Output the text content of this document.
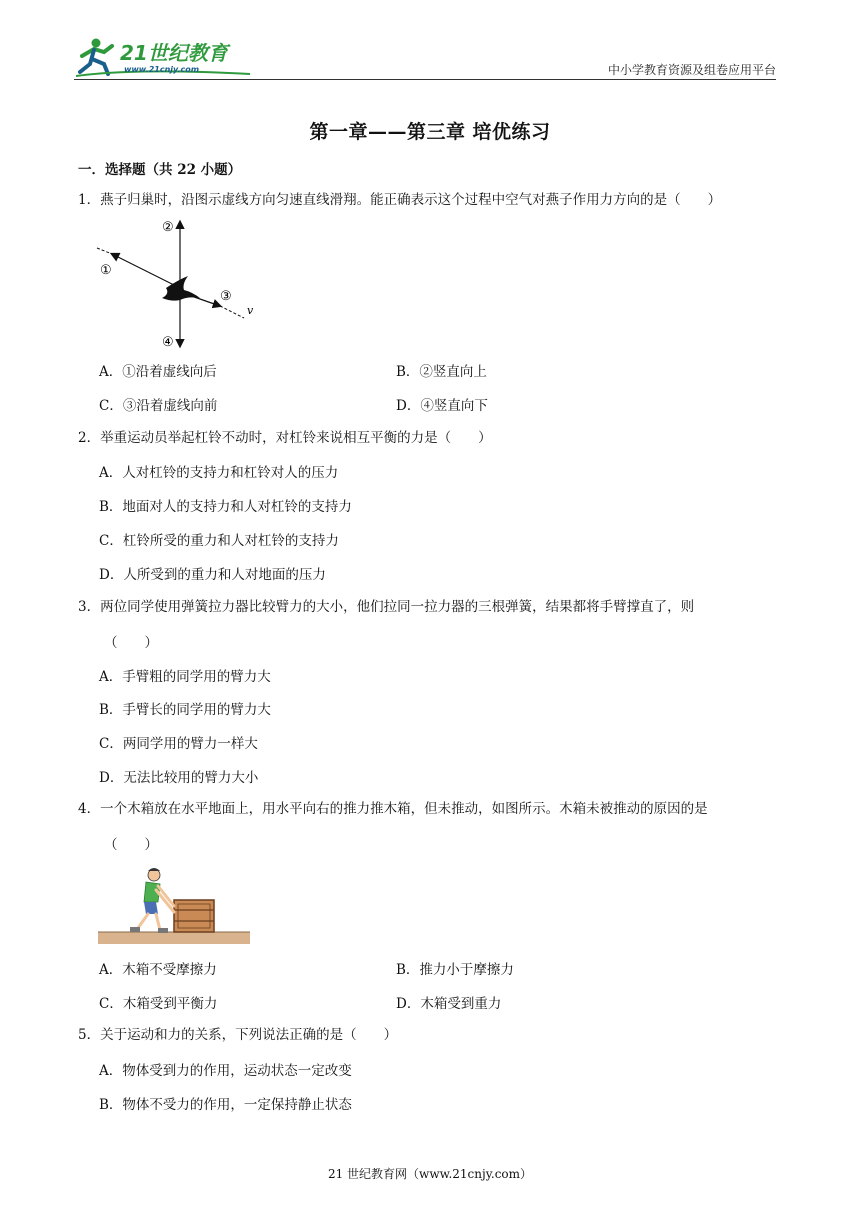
21世纪教育
www.21cnjy.com	中小学教育资源及组卷应用平台
第一章——第三章 培优练习
一．选择题（共 22 小题）
1．燕子归巢时，沿图示虚线方向匀速直线滑翔。能正确表示这个过程中空气对燕子作用力方向的是（　　）
①
②
③
④
v
A．①沿着虚线向后	B．②竖直向上
C．③沿着虚线向前	D．④竖直向下
2．举重运动员举起杠铃不动时，对杠铃来说相互平衡的力是（　　）
A．人对杠铃的支持力和杠铃对人的压力
B．地面对人的支持力和人对杠铃的支持力
C．杠铃所受的重力和人对杠铃的支持力
D．人所受到的重力和人对地面的压力
3．两位同学使用弹簧拉力器比较臂力的大小，他们拉同一拉力器的三根弹簧，结果都将手臂撑直了，则
（　　）
A．手臂粗的同学用的臂力大
B．手臂长的同学用的臂力大
C．两同学用的臂力一样大
D．无法比较用的臂力大小
4．一个木箱放在水平地面上，用水平向右的推力推木箱，但未推动，如图所示。木箱未被推动的原因的是
（　　）
A．木箱不受摩擦力	B．推力小于摩擦力
C．木箱受到平衡力	D．木箱受到重力
5．关于运动和力的关系，下列说法正确的是（　　）
A．物体受到力的作用，运动状态一定改变
B．物体不受力的作用，一定保持静止状态
21 世纪教育网（www.21cnjy.com）
